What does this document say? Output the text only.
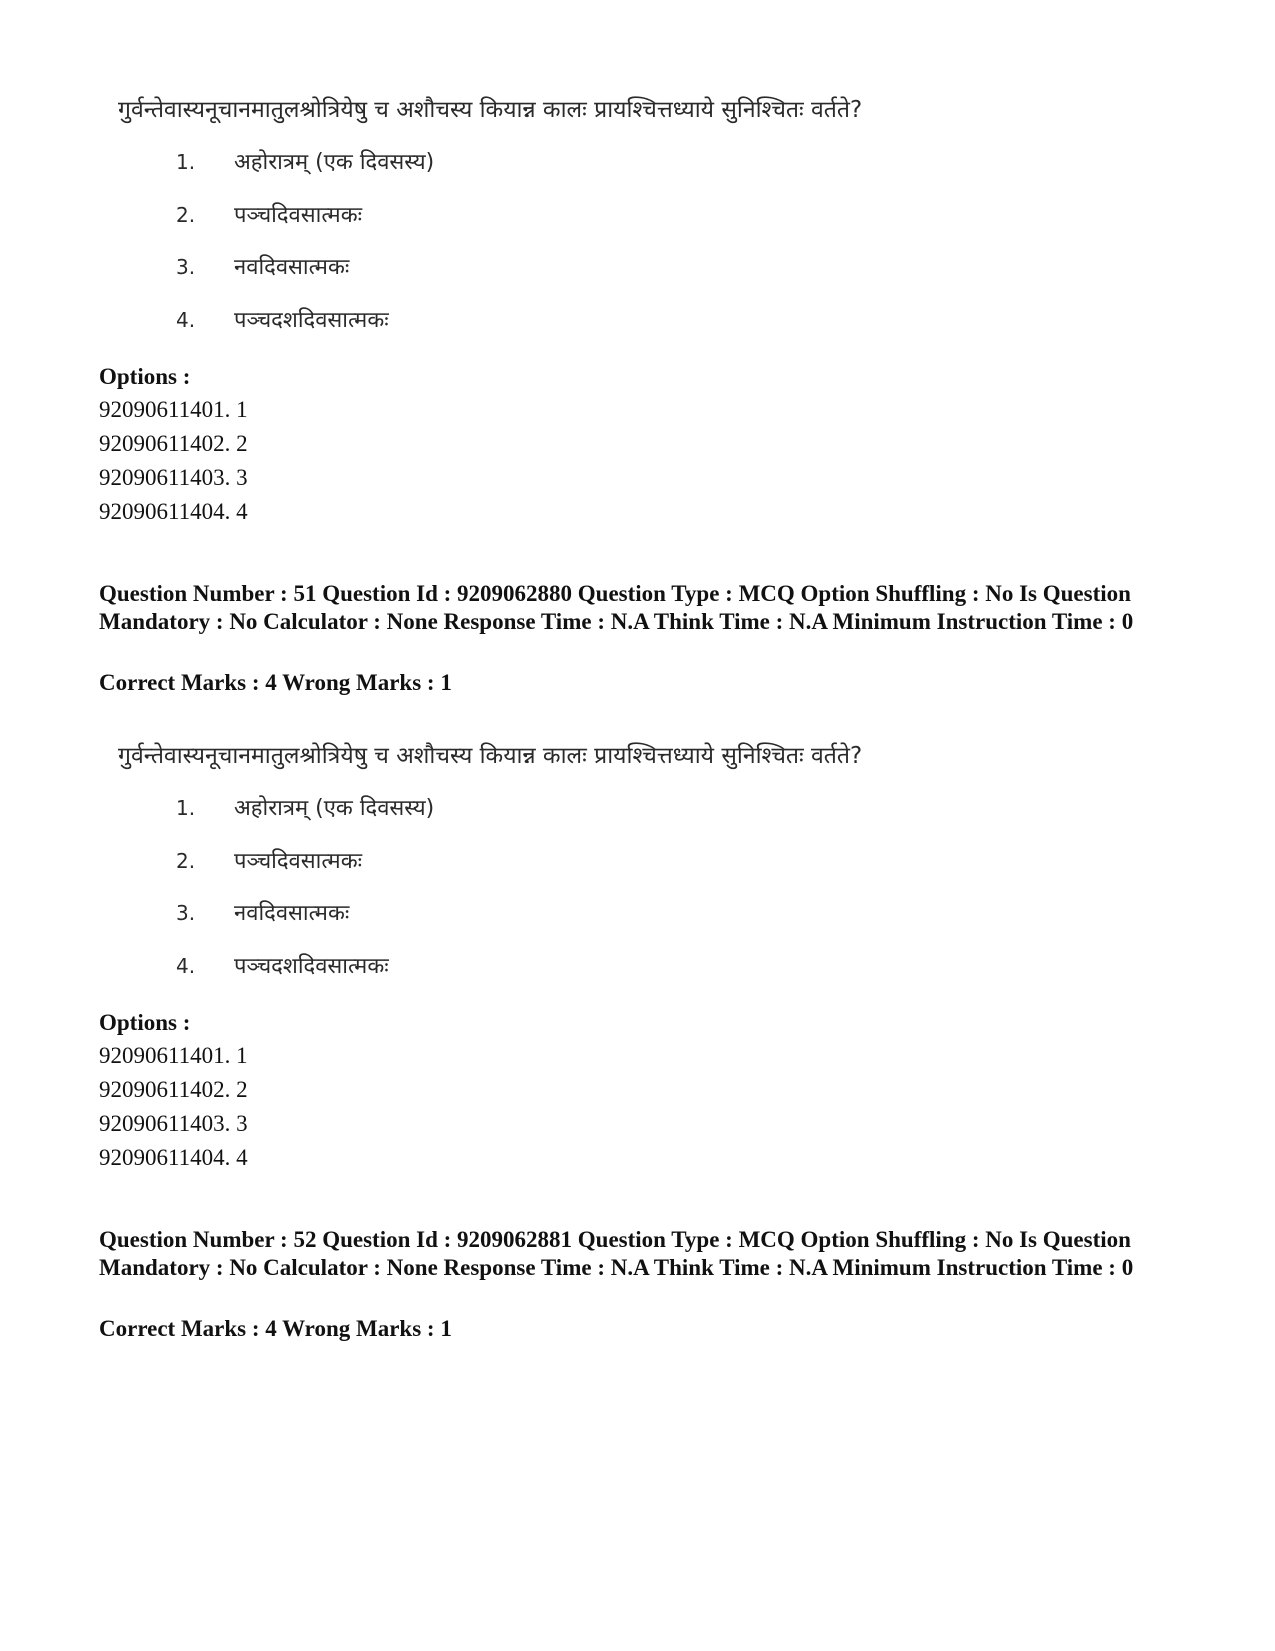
गुर्वन्तेवास्यनूचानमातुलश्रोत्रियेषु च अशौचस्य कियान्न कालः प्रायश्चित्तध्याये सुनिश्चितः वर्तते?
1. अहोरात्रम् (एक दिवसस्य)
2. पञ्चदिवसात्मकः
3. नवदिवसात्मकः
4. पञ्चदशदिवसात्मकः
Options :
92090611401. 1
92090611402. 2
92090611403. 3
92090611404. 4
Question Number : 51 Question Id : 9209062880 Question Type : MCQ Option Shuffling : No Is Question Mandatory : No Calculator : None Response Time : N.A Think Time : N.A Minimum Instruction Time : 0
Correct Marks : 4 Wrong Marks : 1
गुर्वन्तेवास्यनूचानमातुलश्रोत्रियेषु च अशौचस्य कियान्न कालः प्रायश्चित्तध्याये सुनिश्चितः वर्तते?
1. अहोरात्रम् (एक दिवसस्य)
2. पञ्चदिवसात्मकः
3. नवदिवसात्मकः
4. पञ्चदशदिवसात्मकः
Options :
92090611401. 1
92090611402. 2
92090611403. 3
92090611404. 4
Question Number : 52 Question Id : 9209062881 Question Type : MCQ Option Shuffling : No Is Question Mandatory : No Calculator : None Response Time : N.A Think Time : N.A Minimum Instruction Time : 0
Correct Marks : 4 Wrong Marks : 1
